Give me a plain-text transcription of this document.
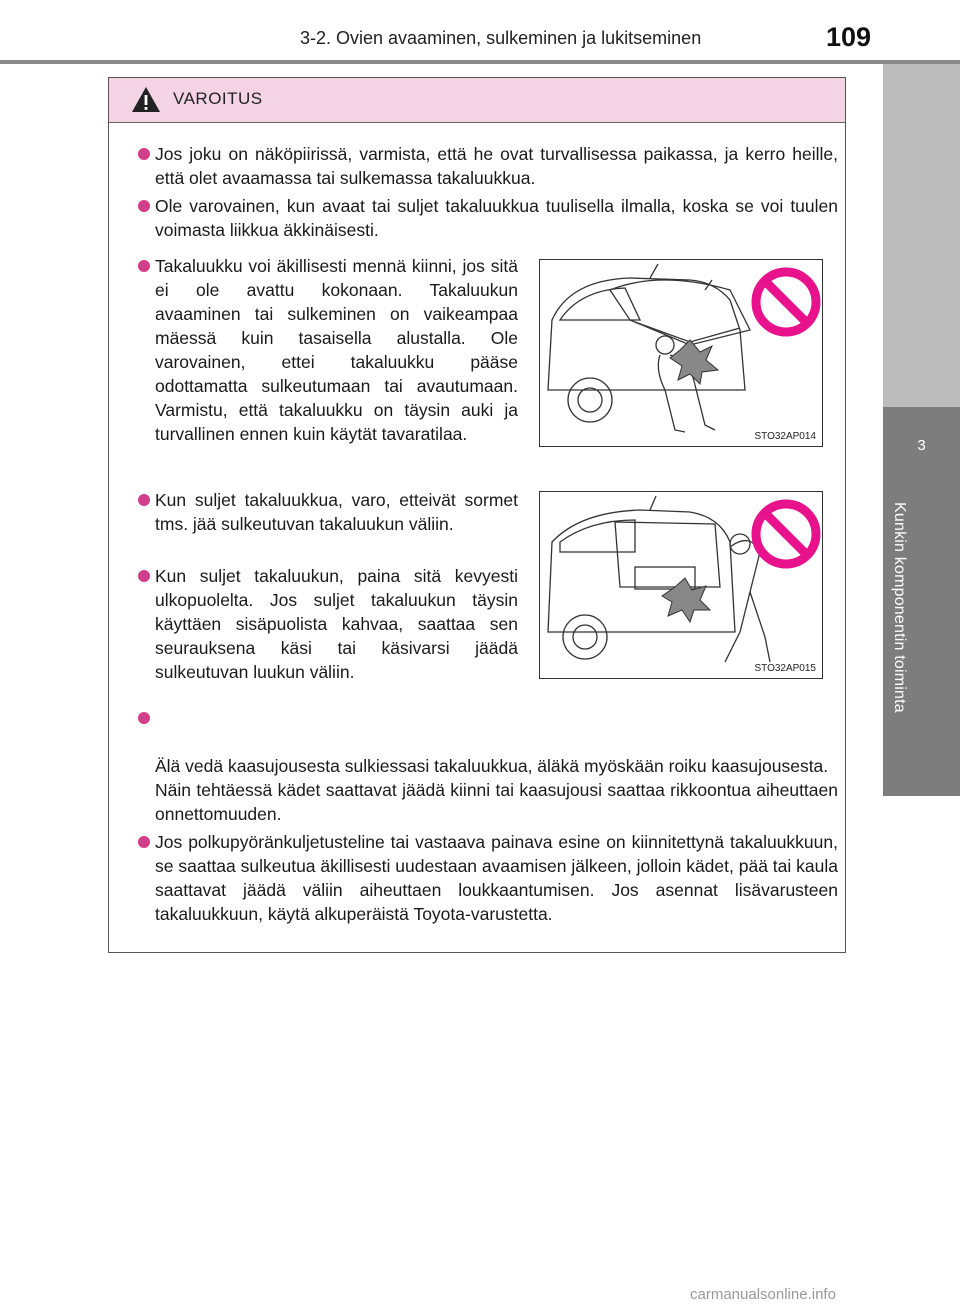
3-2. Ovien avaaminen, sulkeminen ja lukitseminen	109
3
Kunkin komponentin toiminta
VAROITUS

Jos joku on näköpiirissä, varmista, että he ovat turvallisessa paikassa, ja kerro heille, että olet avaamassa tai sulkemassa takaluukkua.

Ole varovainen, kun avaat tai suljet takaluukkua tuulisella ilmalla, koska se voi tuulen voimasta liikkua äkkinäisesti.

Takaluukku voi äkillisesti mennä kiinni, jos sitä ei ole avattu kokonaan. Takaluukun avaaminen tai sulkeminen on vaikeampaa mäessä kuin tasaisella alustalla. Ole varovainen, ettei takaluukku pääse odottamatta sulkeutumaan tai avautumaan. Varmistu, että takaluukku on täysin auki ja turvallinen ennen kuin käytät tavaratilaa.

Kun suljet takaluukkua, varo, etteivät sormet tms. jää sulkeutuvan takaluukun väliin.

Kun suljet takaluukun, paina sitä kevyesti ulkopuolelta. Jos suljet takaluukun täysin käyttäen sisäpuolista kahvaa, saattaa sen seurauksena käsi tai käsivarsi jäädä sulkeutuvan luukun väliin.

Älä vedä kaasujousesta sulkiessasi takaluukkua, äläkä myöskään roiku kaasujousesta.
Näin tehtäessä kädet saattavat jäädä kiinni tai kaasujousi saattaa rikkoontua aiheuttaen onnettomuuden.

Jos polkupyöränkuljetusteline tai vastaava painava esine on kiinnitettynä takaluukkuun, se saattaa sulkeutua äkillisesti uudestaan avaamisen jälkeen, jolloin kädet, pää tai kaula saattavat jäädä väliin aiheuttaen loukkaantumisen. Jos asennat lisävarusteen takaluukkuun, käytä alkuperäistä Toyota-varustetta.

STO32AP014
STO32AP015
carmanualsonline.info
